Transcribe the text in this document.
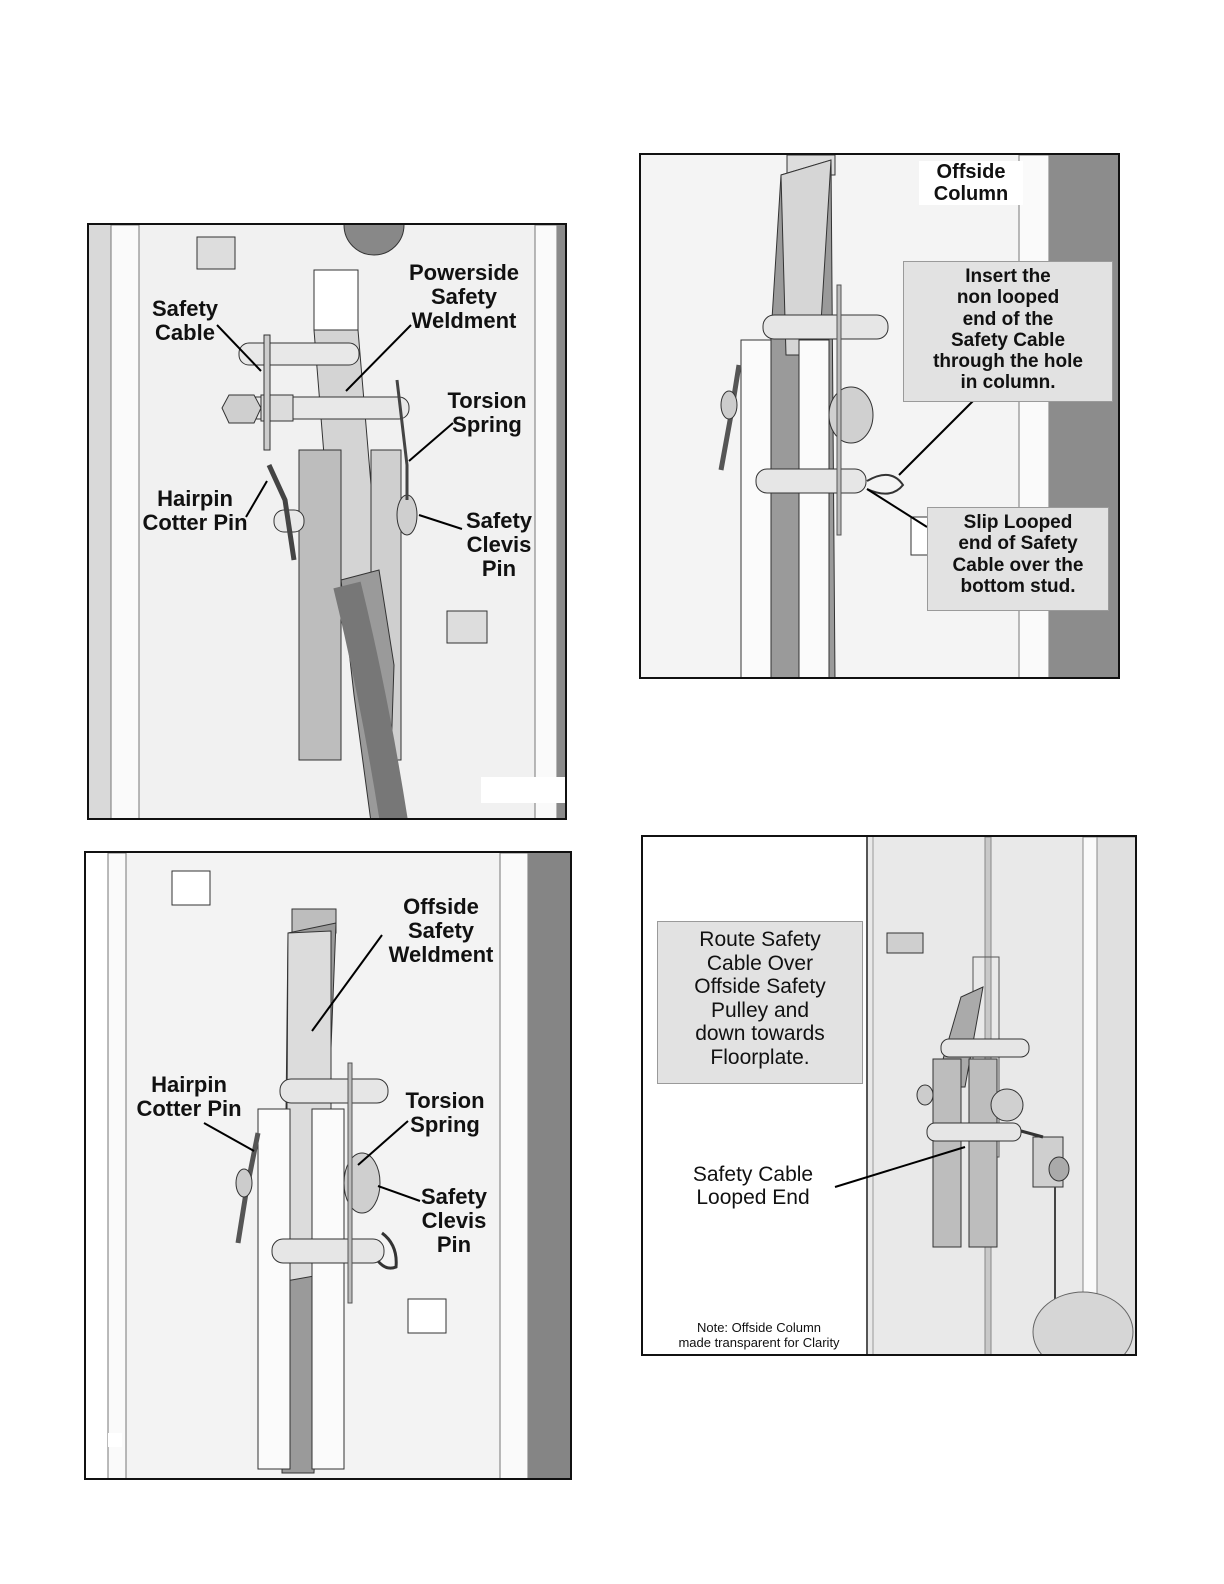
Safety
Cable
Powerside
Safety
Weldment
Torsion
Spring
Hairpin
Cotter Pin	Safety
Clevis
Pin
Offside
Column
Insert the
non looped
end of the
Safety Cable
through the hole
in column.
Slip Looped
end of Safety
Cable over the
bottom stud.
Offside
Safety
Weldment
Hairpin
Cotter Pin	Torsion
Spring
Safety
Clevis
Pin
Route Safety
Cable Over
Offside Safety
Pulley and
down towards
Floorplate.
Safety Cable
Looped End
Note: Offside Column
made transparent for Clarity
